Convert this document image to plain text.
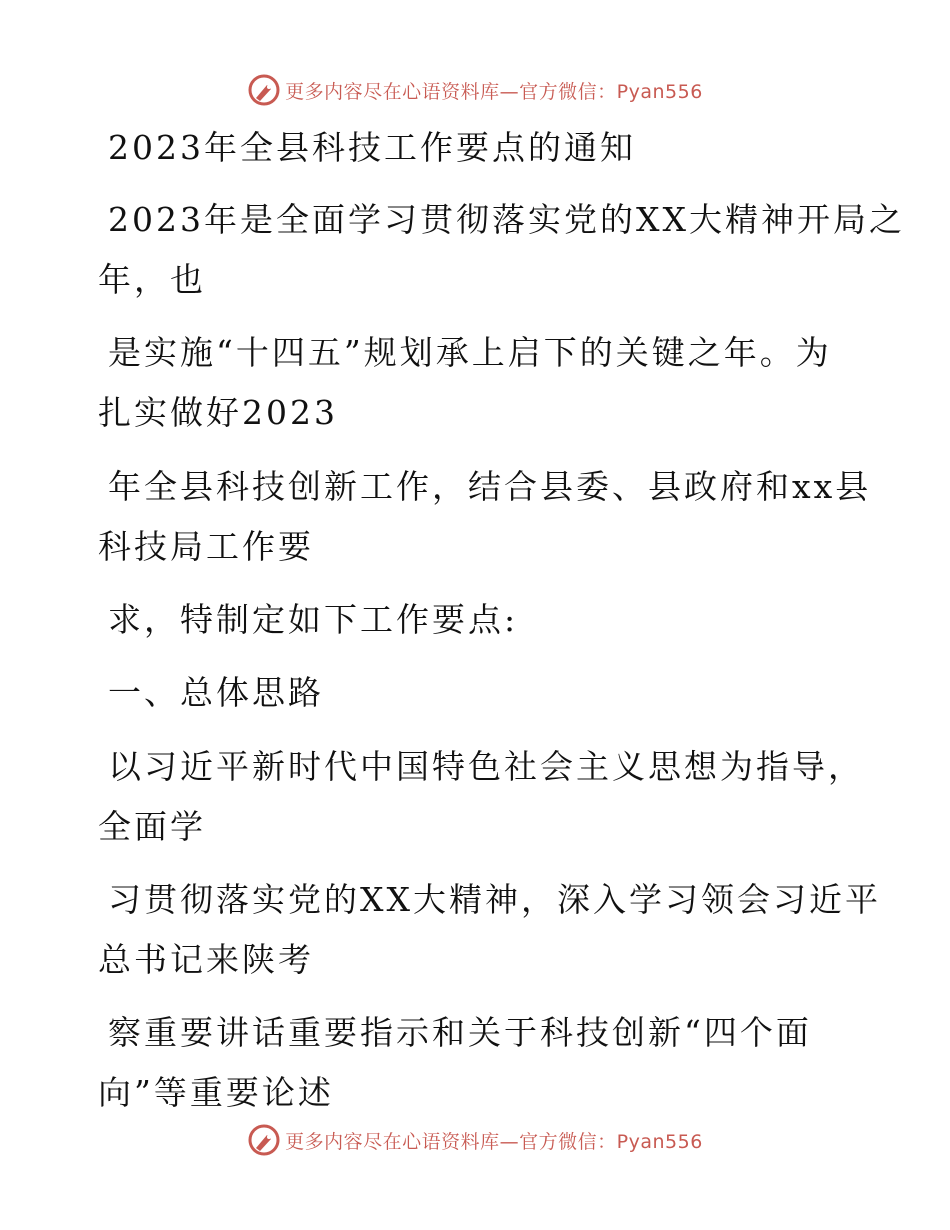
更多内容尽在心语资料库—官方微信：Pyan556
2023年全县科技工作要点的通知
2023年是全面学习贯彻落实党的XX大精神开局之
年，也
是实施“十四五”规划承上启下的关键之年。为
扎实做好2023
年全县科技创新工作，结合县委、县政府和xx县
科技局工作要
求，特制定如下工作要点:
一、总体思路
以习近平新时代中国特色社会主义思想为指导，
全面学
习贯彻落实党的XX大精神，深入学习领会习近平
总书记来陕考
察重要讲话重要指示和关于科技创新“四个面
向”等重要论述
更多内容尽在心语资料库—官方微信：Pyan556
